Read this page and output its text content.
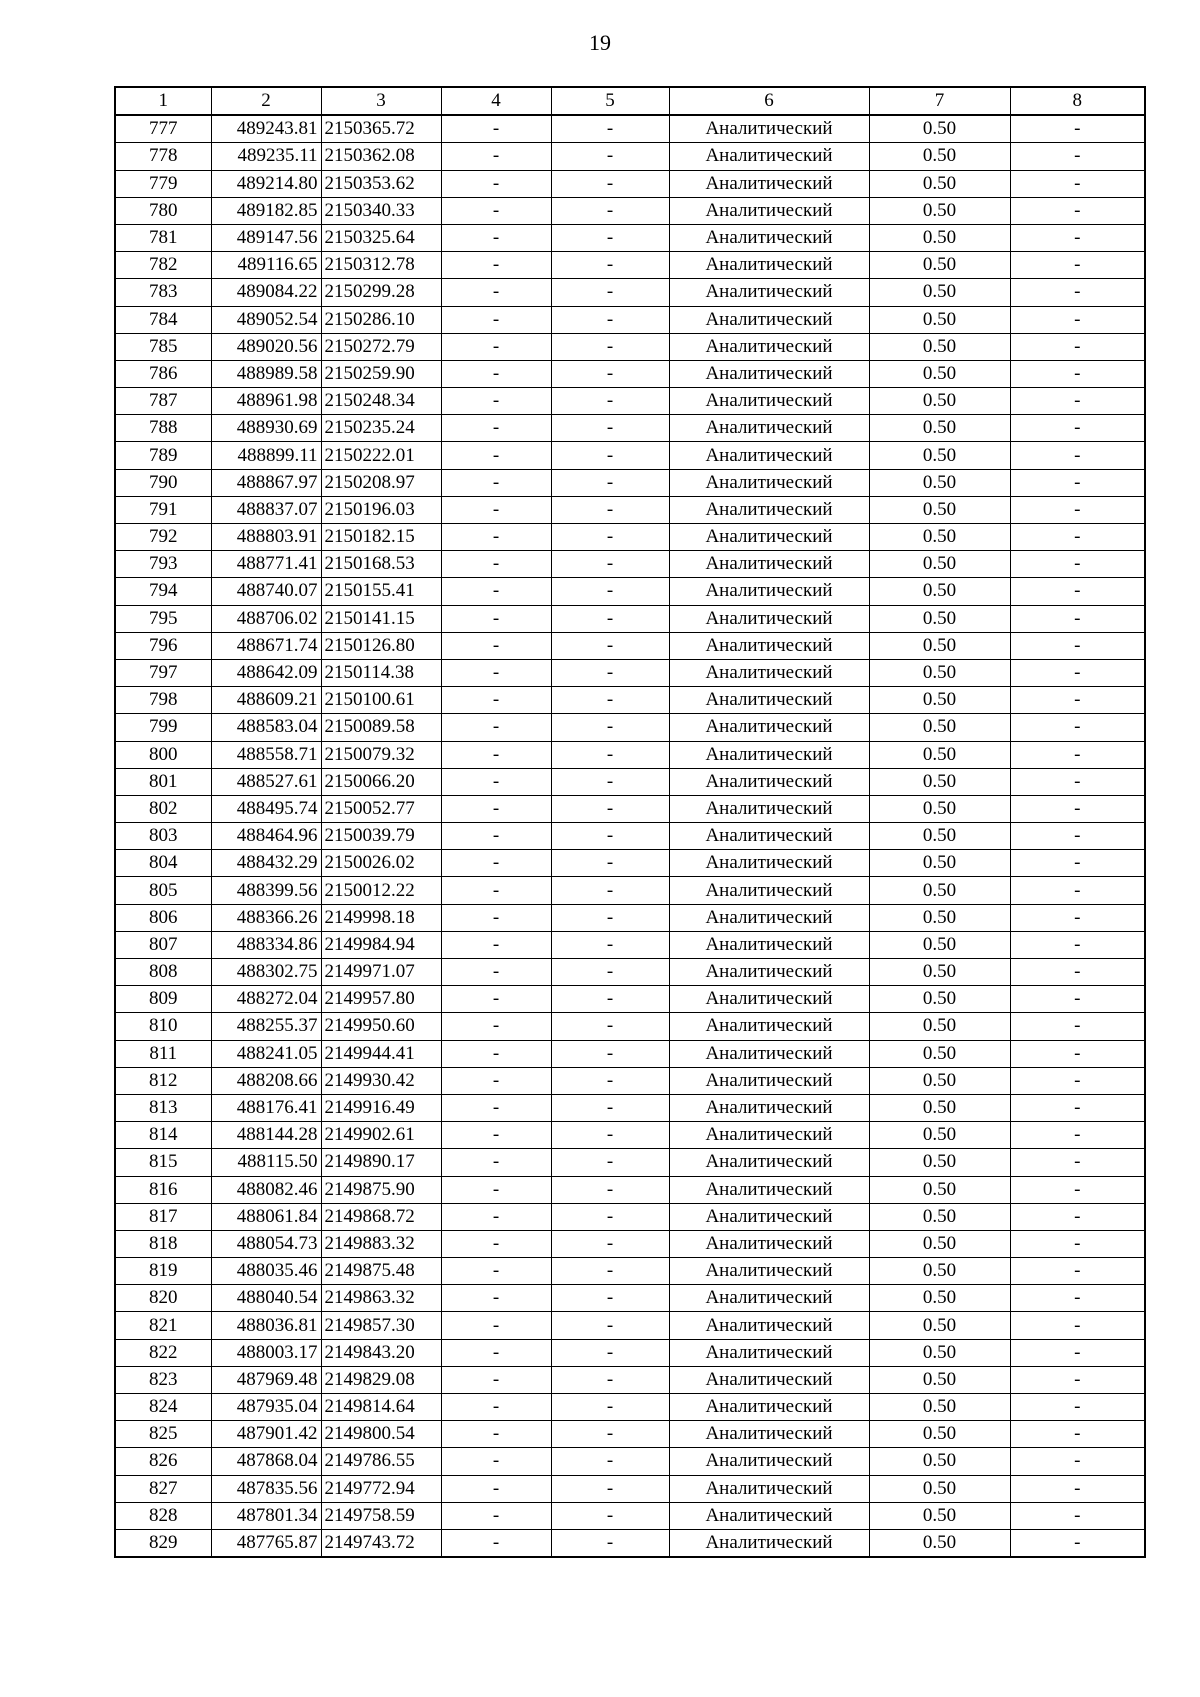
19
1	2	3	4	5	6	7	8
777	489243.81	2150365.72	-	-	Аналитический	0.50	-
778	489235.11	2150362.08	-	-	Аналитический	0.50	-
779	489214.80	2150353.62	-	-	Аналитический	0.50	-
780	489182.85	2150340.33	-	-	Аналитический	0.50	-
781	489147.56	2150325.64	-	-	Аналитический	0.50	-
782	489116.65	2150312.78	-	-	Аналитический	0.50	-
783	489084.22	2150299.28	-	-	Аналитический	0.50	-
784	489052.54	2150286.10	-	-	Аналитический	0.50	-
785	489020.56	2150272.79	-	-	Аналитический	0.50	-
786	488989.58	2150259.90	-	-	Аналитический	0.50	-
787	488961.98	2150248.34	-	-	Аналитический	0.50	-
788	488930.69	2150235.24	-	-	Аналитический	0.50	-
789	488899.11	2150222.01	-	-	Аналитический	0.50	-
790	488867.97	2150208.97	-	-	Аналитический	0.50	-
791	488837.07	2150196.03	-	-	Аналитический	0.50	-
792	488803.91	2150182.15	-	-	Аналитический	0.50	-
793	488771.41	2150168.53	-	-	Аналитический	0.50	-
794	488740.07	2150155.41	-	-	Аналитический	0.50	-
795	488706.02	2150141.15	-	-	Аналитический	0.50	-
796	488671.74	2150126.80	-	-	Аналитический	0.50	-
797	488642.09	2150114.38	-	-	Аналитический	0.50	-
798	488609.21	2150100.61	-	-	Аналитический	0.50	-
799	488583.04	2150089.58	-	-	Аналитический	0.50	-
800	488558.71	2150079.32	-	-	Аналитический	0.50	-
801	488527.61	2150066.20	-	-	Аналитический	0.50	-
802	488495.74	2150052.77	-	-	Аналитический	0.50	-
803	488464.96	2150039.79	-	-	Аналитический	0.50	-
804	488432.29	2150026.02	-	-	Аналитический	0.50	-
805	488399.56	2150012.22	-	-	Аналитический	0.50	-
806	488366.26	2149998.18	-	-	Аналитический	0.50	-
807	488334.86	2149984.94	-	-	Аналитический	0.50	-
808	488302.75	2149971.07	-	-	Аналитический	0.50	-
809	488272.04	2149957.80	-	-	Аналитический	0.50	-
810	488255.37	2149950.60	-	-	Аналитический	0.50	-
811	488241.05	2149944.41	-	-	Аналитический	0.50	-
812	488208.66	2149930.42	-	-	Аналитический	0.50	-
813	488176.41	2149916.49	-	-	Аналитический	0.50	-
814	488144.28	2149902.61	-	-	Аналитический	0.50	-
815	488115.50	2149890.17	-	-	Аналитический	0.50	-
816	488082.46	2149875.90	-	-	Аналитический	0.50	-
817	488061.84	2149868.72	-	-	Аналитический	0.50	-
818	488054.73	2149883.32	-	-	Аналитический	0.50	-
819	488035.46	2149875.48	-	-	Аналитический	0.50	-
820	488040.54	2149863.32	-	-	Аналитический	0.50	-
821	488036.81	2149857.30	-	-	Аналитический	0.50	-
822	488003.17	2149843.20	-	-	Аналитический	0.50	-
823	487969.48	2149829.08	-	-	Аналитический	0.50	-
824	487935.04	2149814.64	-	-	Аналитический	0.50	-
825	487901.42	2149800.54	-	-	Аналитический	0.50	-
826	487868.04	2149786.55	-	-	Аналитический	0.50	-
827	487835.56	2149772.94	-	-	Аналитический	0.50	-
828	487801.34	2149758.59	-	-	Аналитический	0.50	-
829	487765.87	2149743.72	-	-	Аналитический	0.50	-
